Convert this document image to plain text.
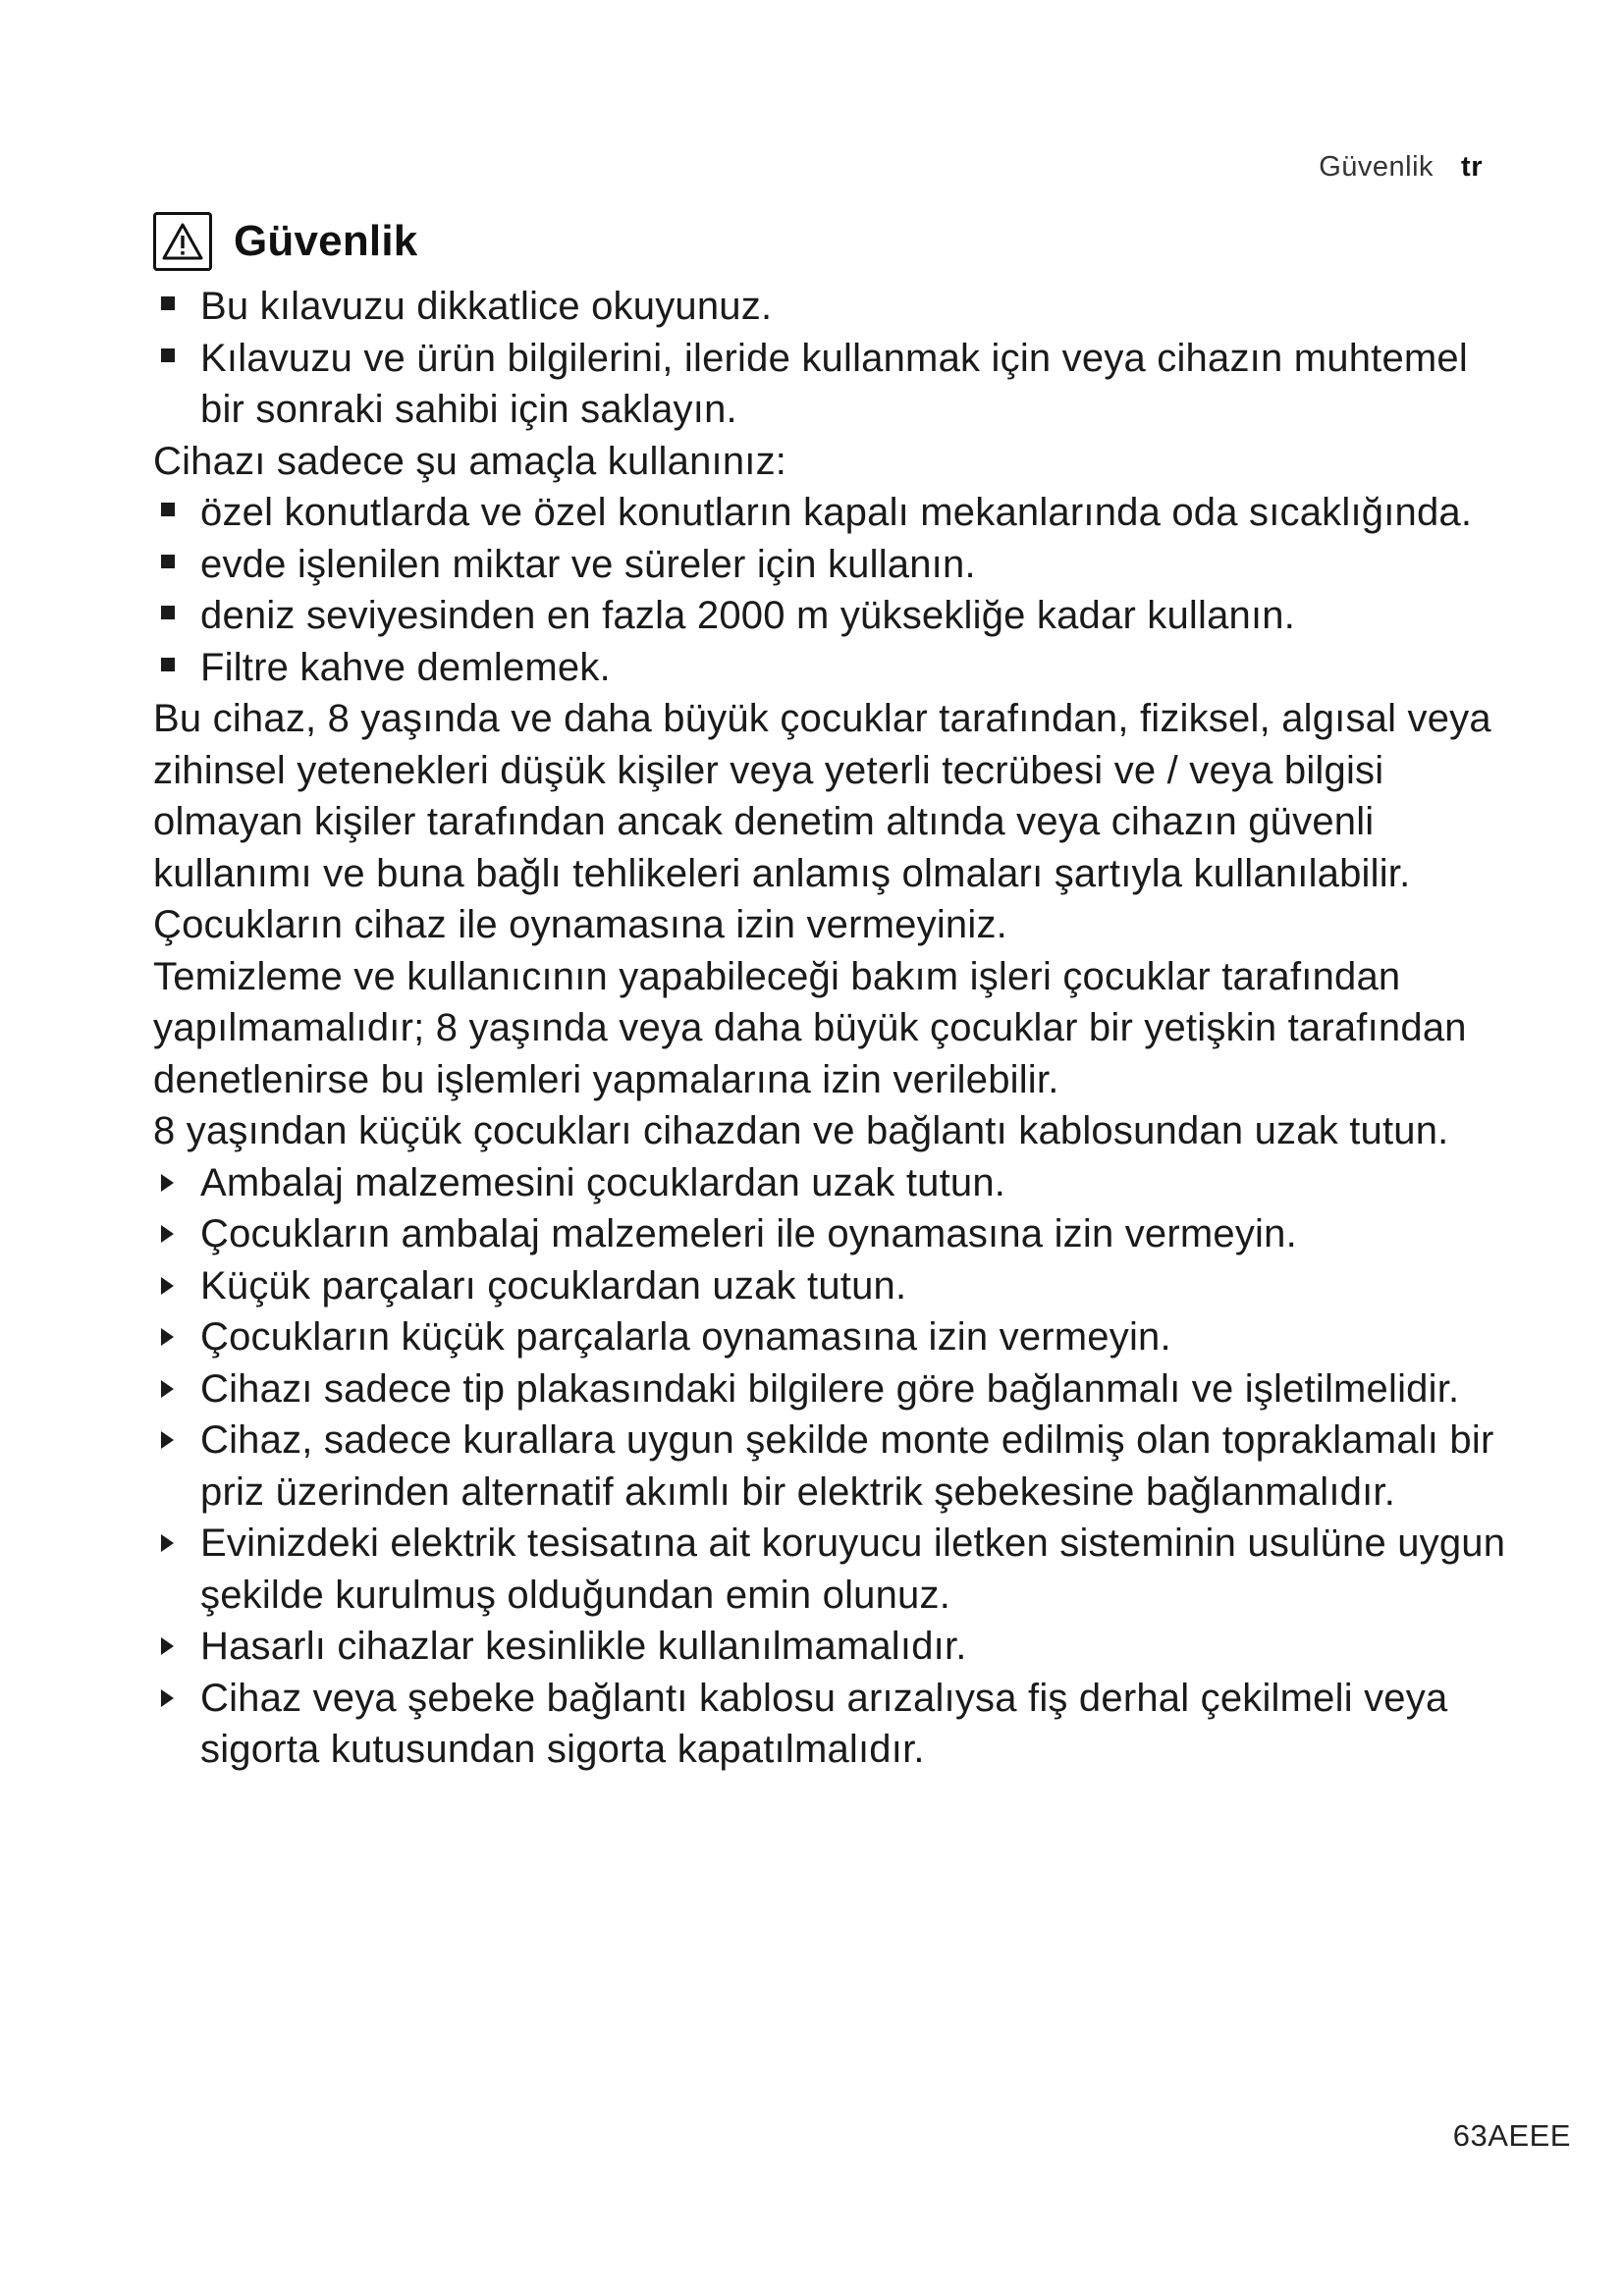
Güvenlik tr
Güvenlik
Bu kılavuzu dikkatlice okuyunuz.
Kılavuzu ve ürün bilgilerini, ileride kullanmak için veya cihazın muhtemel bir sonraki sahibi için saklayın.

Cihazı sadece şu amaçla kullanınız:

özel konutlarda ve özel konutların kapalı mekanlarında oda sıcaklığında.
evde işlenilen miktar ve süreler için kullanın.
deniz seviyesinden en fazla 2000 m yüksekliğe kadar kullanın.
Filtre kahve demlemek.

Bu cihaz, 8 yaşında ve daha büyük çocuklar tarafından, fiziksel, algısal veya zihinsel yetenekleri düşük kişiler veya yeterli tecrübesi ve / veya bilgisi olmayan kişiler tarafından ancak denetim altında veya cihazın güvenli kullanımı ve buna bağlı tehlikeleri anlamış olmaları şartıyla kullanılabilir.

Çocukların cihaz ile oynamasına izin vermeyiniz.

Temizleme ve kullanıcının yapabileceği bakım işleri çocuklar tarafından yapılmamalıdır; 8 yaşında veya daha büyük çocuklar bir yetişkin tarafından denetlenirse bu işlemleri yapmalarına izin verilebilir.

8 yaşından küçük çocukları cihazdan ve bağlantı kablosundan uzak tutun.

Ambalaj malzemesini çocuklardan uzak tutun.
Çocukların ambalaj malzemeleri ile oynamasına izin vermeyin.
Küçük parçaları çocuklardan uzak tutun.
Çocukların küçük parçalarla oynamasına izin vermeyin.
Cihazı sadece tip plakasındaki bilgilere göre bağlanmalı ve işletilmelidir.
Cihaz, sadece kurallara uygun şekilde monte edilmiş olan topraklamalı bir priz üzerinden alternatif akımlı bir elektrik şebekesine bağlanmalıdır.
Evinizdeki elektrik tesisatına ait koruyucu iletken sisteminin usulüne uygun şekilde kurulmuş olduğundan emin olunuz.
Hasarlı cihazlar kesinlikle kullanılmamalıdır.
Cihaz veya şebeke bağlantı kablosu arızalıysa fiş derhal çekilmeli veya sigorta kutusundan sigorta kapatılmalıdır.
63AEEE
